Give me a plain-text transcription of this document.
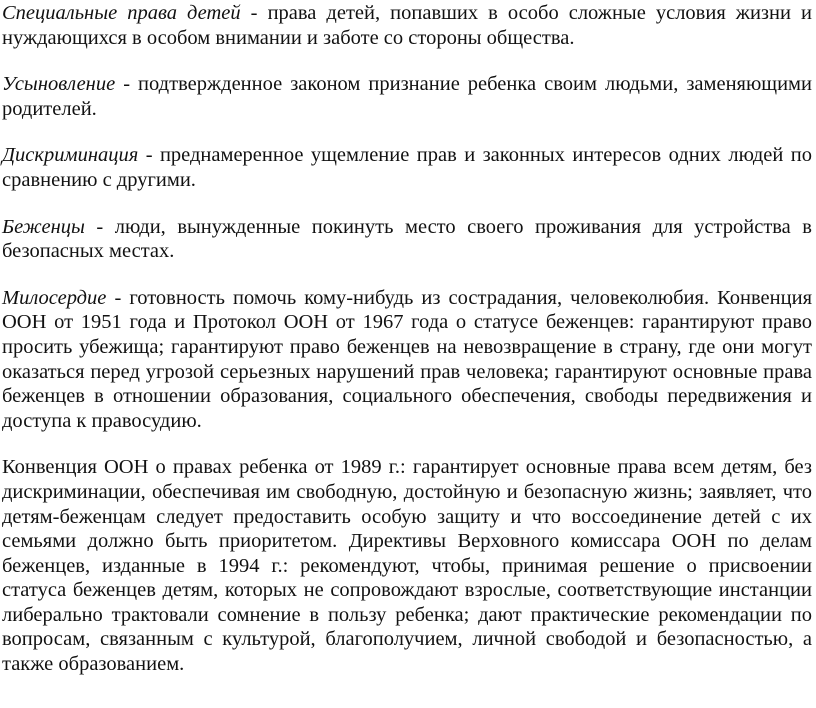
Специальные права детей - права детей, попавших в особо сложные условия жизни и нуждающихся в особом внимании и заботе со стороны общества.

Усыновление - подтвержденное законом признание ребенка своим людьми, заменяющими родителей.

Дискриминация - преднамеренное ущемление прав и законных интересов одних людей по сравнению с другими.

Беженцы - люди, вынужденные покинуть место своего проживания для устройства в безопасных местах.

Милосердие - готовность помочь кому-нибудь из сострадания, человеколюбия. Конвенция ООН от 1951 года и Протокол ООН от 1967 года о статусе беженцев: гарантируют право просить убежища; гарантируют право беженцев на невозвращение в страну, где они могут оказаться перед угрозой серьезных нарушений прав человека; гарантируют основные права беженцев в отношении образования, социального обеспечения, свободы передвижения и доступа к правосудию.

Конвенция ООН о правах ребенка от 1989 г.: гарантирует основные права всем детям, без дискриминации, обеспечивая им свободную, достойную и безопасную жизнь; заявляет, что детям-беженцам следует предоставить особую защиту и что воссоединение детей с их семьями должно быть приоритетом. Директивы Верховного комиссара ООН по делам беженцев, изданные в 1994 г.: рекомендуют, чтобы, принимая решение о присвоении статуса беженцев детям, которых не сопровождают взрослые, соответствующие инстанции либерально трактовали сомнение в пользу ребенка; дают практические рекомендации по вопросам, связанным с культурой, благополучием, личной свободой и безопасностью, а также образованием.
